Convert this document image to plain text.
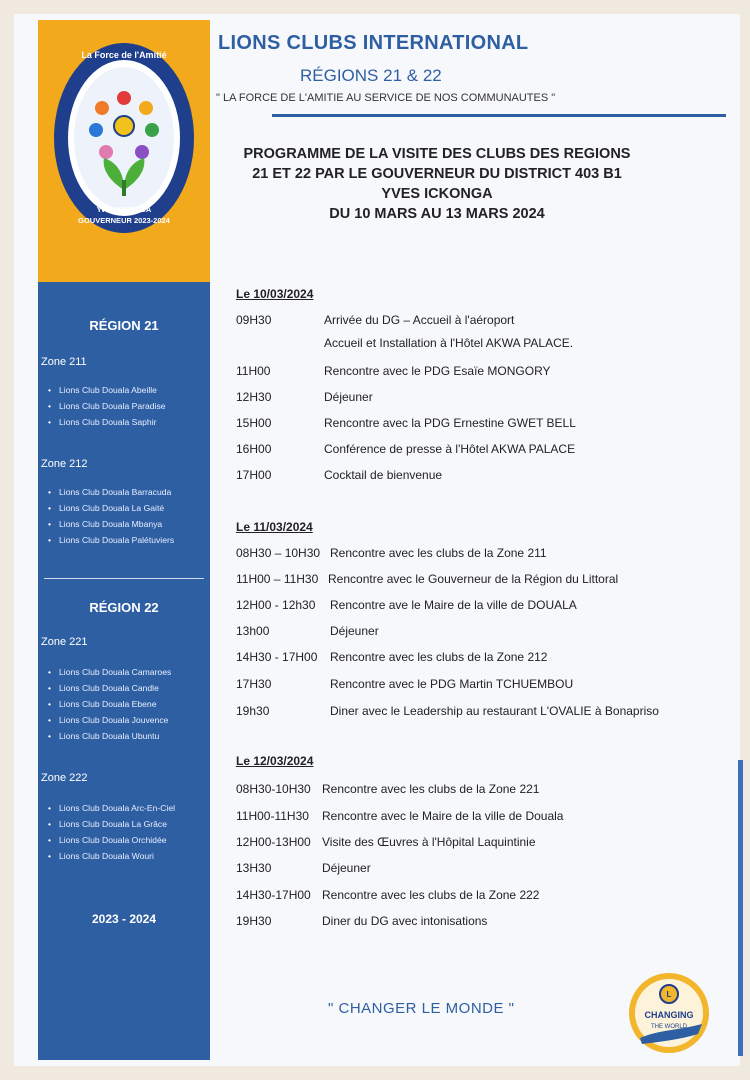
La Force de l'Amitié
GOUVERNEUR 2023-2024
Yves ICKONGA
RÉGION 21
Zone 211
• Lions Club Douala Abeille
• Lions Club Douala Paradise
• Lions Club Douala Saphir
Zone 212
• Lions Club Douala Barracuda
• Lions Club Douala La Gaité
• Lions Club Douala Mbanya
• Lions Club Douala Palétuviers
RÉGION 22
Zone 221
• Lions Club Douala Camaroes
• Lions Club Douala Candle
• Lions Club Douala Ebene
• Lions Club Douala Jouvence
• Lions Club Douala Ubuntu
Zone 222
• Lions Club Douala Arc-En-Ciel
• Lions Club Douala La Grâce
• Lions Club Douala Orchidée
• Lions Club Douala Wouri
2023 - 2024
LIONS CLUBS INTERNATIONAL
RÉGIONS 21 & 22
" LA FORCE DE L'AMITIE AU SERVICE DE NOS COMMUNAUTES "
PROGRAMME DE LA VISITE DES CLUBS DES REGIONS
21 ET 22 PAR LE GOUVERNEUR DU DISTRICT 403 B1
YVES ICKONGA
DU 10 MARS AU 13 MARS 2024
Le 10/03/2024
09H30	Arrivée du DG – Accueil à l'aéroport
Accueil et Installation à l'Hôtel AKWA PALACE.
11H00	Rencontre avec le PDG Esaïe MONGORY
12H30	Déjeuner
15H00	Rencontre avec la PDG Ernestine GWET BELL
16H00	Conférence de presse à l'Hôtel AKWA PALACE
17H00	Cocktail de bienvenue
Le 11/03/2024
08H30 – 10H30 Rencontre avec les clubs de la Zone 211
11H00 – 11H30 Rencontre avec le Gouverneur de la Région du Littoral
12H00 - 12h30 Rencontre ave le Maire de la ville de DOUALA
13h00	Déjeuner
14H30 - 17H00 Rencontre avec les clubs de la Zone 212
17H30	Rencontre avec le PDG Martin TCHUEMBOU
19h30	Diner avec le Leadership au restaurant L'OVALIE à Bonapriso
Le 12/03/2024
08H30-10H30 Rencontre avec les clubs de la Zone 221
11H00-11H30 Rencontre avec le Maire de la ville de Douala
12H00-13H00 Visite des Œuvres à l'Hôpital Laquintinie
13H30	Déjeuner
14H30-17H00 Rencontre avec les clubs de la Zone 222
19H30	Diner du DG avec intonisations
" CHANGER LE MONDE "
L
CHANGING
THE WORLD
